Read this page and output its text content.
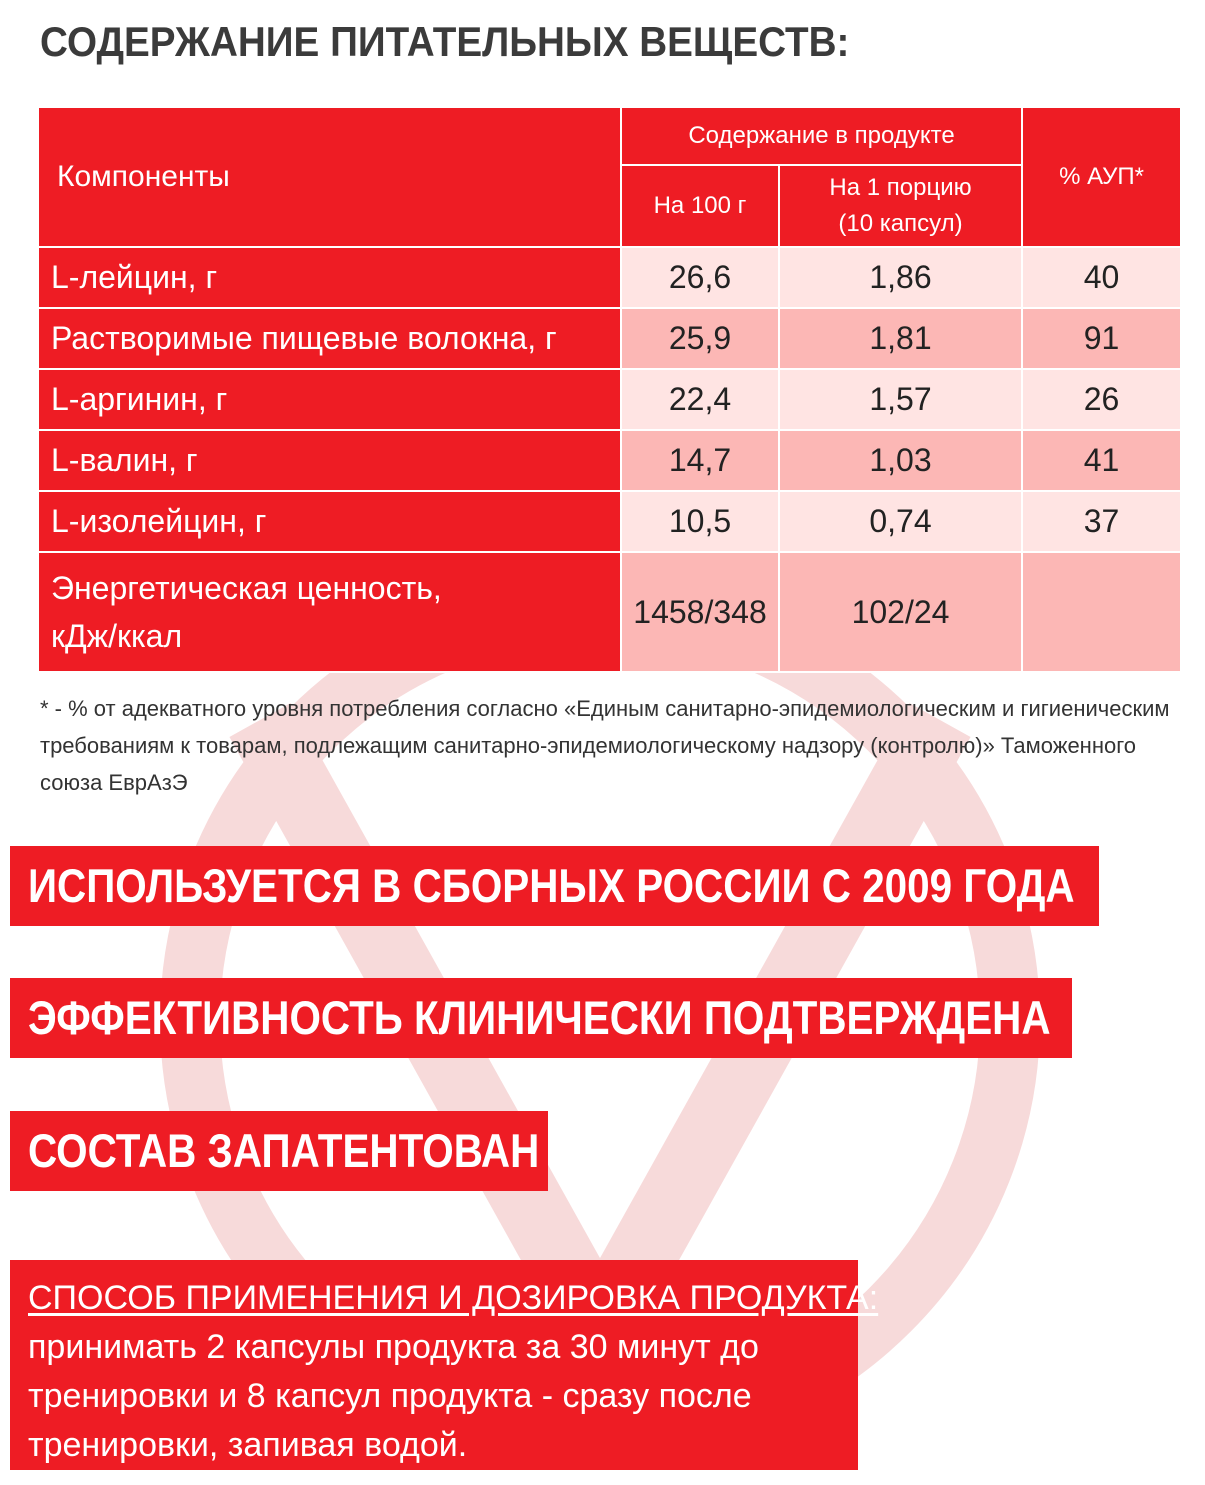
СОДЕРЖАНИЕ ПИТАТЕЛЬНЫХ ВЕЩЕСТВ:
Компоненты	Содержание в продукте		% АУП*
	На 100 г	На 1 порцию
(10 капсул)	

L-лейцин, г	26,6	1,86	40
Растворимые пищевые волокна, г	25,9	1,81	91
L-аргинин, г	22,4	1,57	26
L-валин, г	14,7	1,03	41
L-изолейцин, г	10,5	0,74	37
Энергетическая ценность,
кДж/ккал	1458/348	102/24	

* - % от адекватного уровня потребления согласно «Единым санитарно-эпидемиологическим и гигиеническим требованиям к товарам, подлежащим санитарно-эпидемиологическому надзору (контролю)» Таможенного союза ЕврАзЭ

ИСПОЛЬЗУЕТСЯ В СБОРНЫХ РОССИИ С 2009 ГОДА
ЭФФЕКТИВНОСТЬ КЛИНИЧЕСКИ ПОДТВЕРЖДЕНА
СОСТАВ ЗАПАТЕНТОВАН
СПОСОБ ПРИМЕНЕНИЯ И ДОЗИРОВКА ПРОДУКТА:
принимать 2 капсулы продукта за 30 минут до тренировки и 8 капсул продукта - сразу после тренировки, запивая водой.
